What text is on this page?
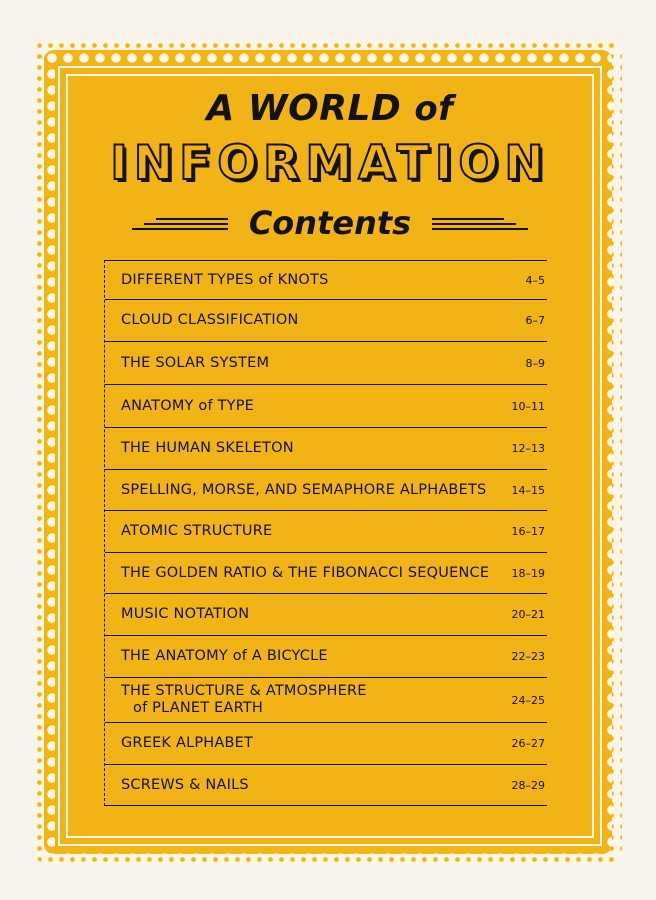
A WORLD of
INFORMATION
Contents
DIFFERENT TYPES of KNOTS	4–5
CLOUD CLASSIFICATION	6–7
THE SOLAR SYSTEM	8–9
ANATOMY of TYPE	10–11
THE HUMAN SKELETON	12–13
SPELLING, MORSE, AND SEMAPHORE ALPHABETS 14–15
ATOMIC STRUCTURE	16–17
THE GOLDEN RATIO & THE FIBONACCI SEQUENCE 18–19
MUSIC NOTATION	20–21
THE ANATOMY of A BICYCLE	22–23
THE STRUCTURE & ATMOSPHERE
of PLANET EARTH	24–25
GREEK ALPHABET	26–27
SCREWS & NAILS	28–29
